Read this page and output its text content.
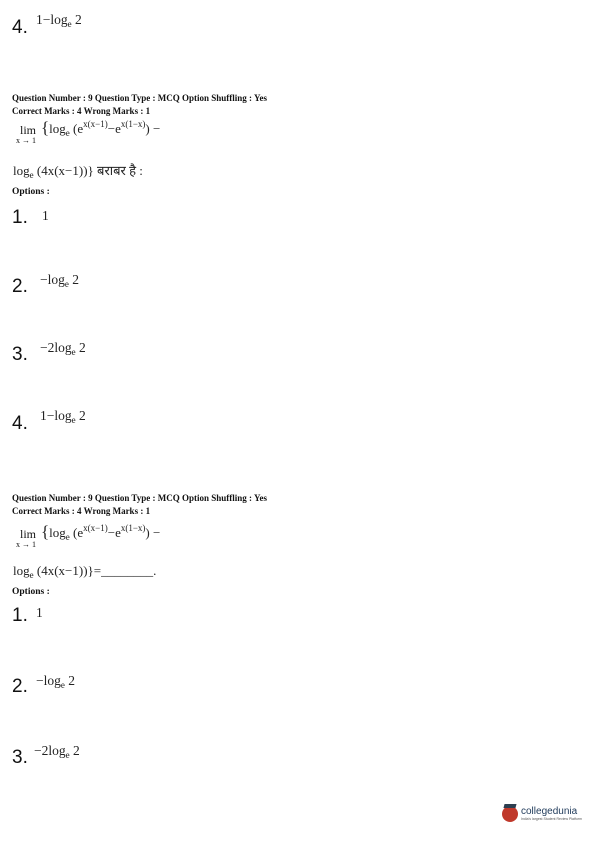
4. $1-\log_e$ 2
Question Number : 9 Question Type : MCQ Option Shuffling : Yes
Correct Marks : 4 Wrong Marks : 1
lim
x → 1
{$\log_e$ $(e^{x(x-1)}-e^{x(1-x)})$ −
$\log_e (4x(x-1))$} बराबर है :
Options :
1. 1
2. $-\log_e$ 2
3. $-2\log_e$ 2
4. $1-\log_e$ 2
Question Number : 9 Question Type : MCQ Option Shuffling : Yes
Correct Marks : 4 Wrong Marks : 1
lim
x → 1
{$\log_e$ $(e^{x(x-1)}-e^{x(1-x)})$ −
$\log_e$ (4x(x−1))}=________.
Options :
1. 1
2. $-\log_e$ 2
3. $-2\log_e$ 2
collegedunia
India's largest Student Review Platform
